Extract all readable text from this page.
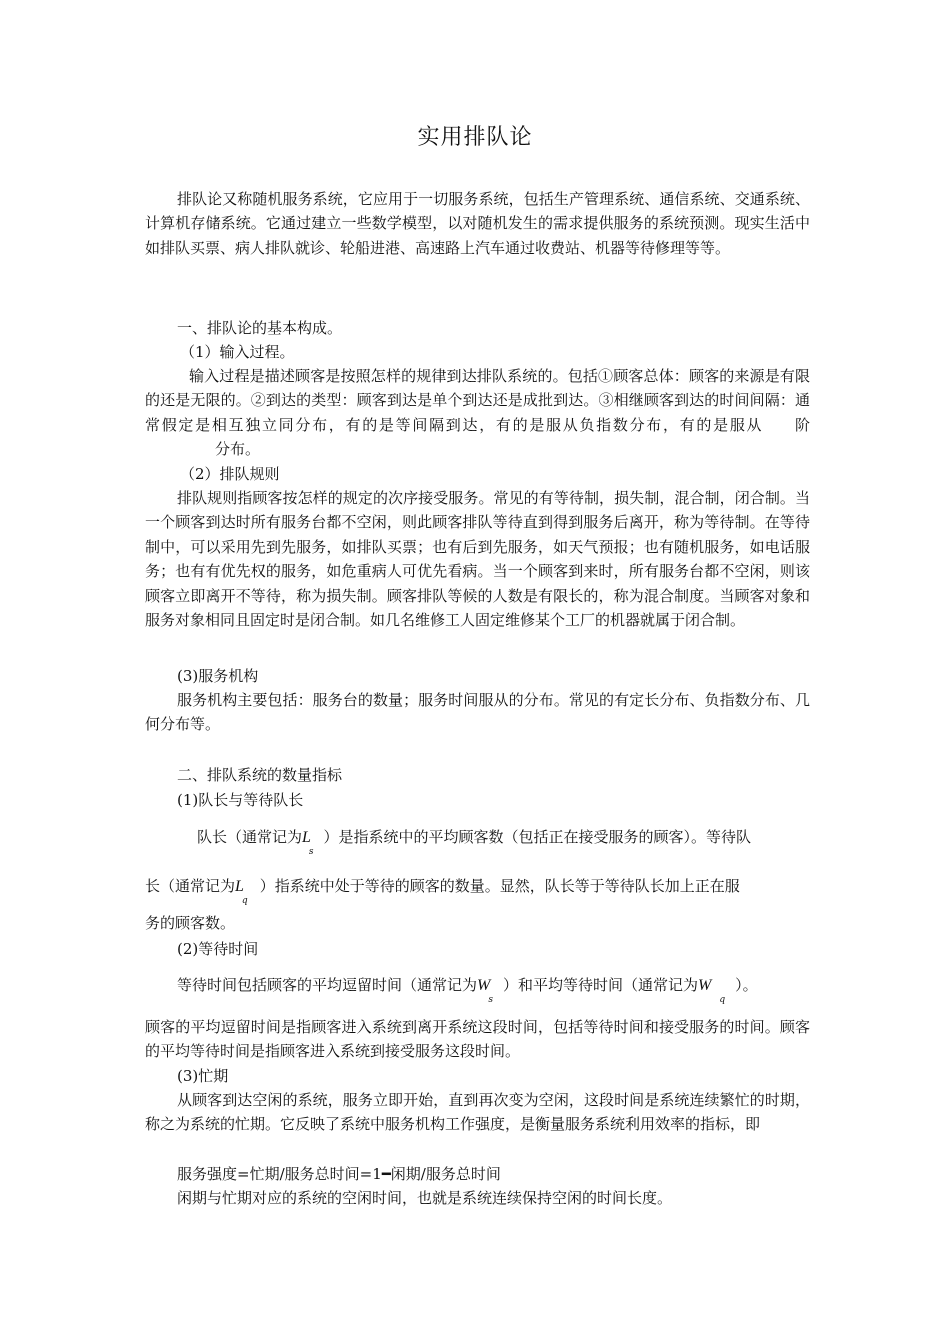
实用排队论
排队论又称随机服务系统，它应用于一切服务系统，包括生产管理系统、通信系统、交通系统、计算机存储系统。它通过建立一些数学模型，以对随机发生的需求提供服务的系统预测。现实生活中如排队买票、病人排队就诊、轮船进港、高速路上汽车通过收费站、机器等待修理等等。
一、排队论的基本构成。
（1）输入过程。
输入过程是描述顾客是按照怎样的规律到达排队系统的。包括①顾客总体：顾客的来源是有限的还是无限的。②到达的类型：顾客到达是单个到达还是成批到达。③相继顾客到达的时间间隔：通常假定是相互独立同分布，有的是等间隔到达，有的是服从负指数分布，有的是服从 阶分布。
（2）排队规则
排队规则指顾客按怎样的规定的次序接受服务。常见的有等待制，损失制，混合制，闭合制。当一个顾客到达时所有服务台都不空闲，则此顾客排队等待直到得到服务后离开，称为等待制。在等待制中，可以采用先到先服务，如排队买票；也有后到先服务，如天气预报；也有随机服务，如电话服务；也有有优先权的服务，如危重病人可优先看病。当一个顾客到来时，所有服务台都不空闲，则该顾客立即离开不等待，称为损失制。顾客排队等候的人数是有限长的，称为混合制度。当顾客对象和服务对象相同且固定时是闭合制。如几名维修工人固定维修某个工厂的机器就属于闭合制。
(3)服务机构
服务机构主要包括：服务台的数量；服务时间服从的分布。常见的有定长分布、负指数分布、几何分布等。
二、排队系统的数量指标
(1)队长与等待队长
队长（通常记为$L_s$）是指系统中的平均顾客数（包括正在接受服务的顾客）。等待队
长（通常记为$L_q$）指系统中处于等待的顾客的数量。显然，队长等于等待队长加上正在服
务的顾客数。
(2)等待时间
等待时间包括顾客的平均逗留时间（通常记为$W_s$）和平均等待时间（通常记为$W_q$）。
顾客的平均逗留时间是指顾客进入系统到离开系统这段时间，包括等待时间和接受服务的时间。顾客的平均等待时间是指顾客进入系统到接受服务这段时间。
(3)忙期
从顾客到达空闲的系统，服务立即开始，直到再次变为空闲，这段时间是系统连续繁忙的时期，称之为系统的忙期。它反映了系统中服务机构工作强度，是衡量服务系统利用效率的指标，即
服务强度=忙期/服务总时间=1━闲期/服务总时间
闲期与忙期对应的系统的空闲时间，也就是系统连续保持空闲的时间长度。
